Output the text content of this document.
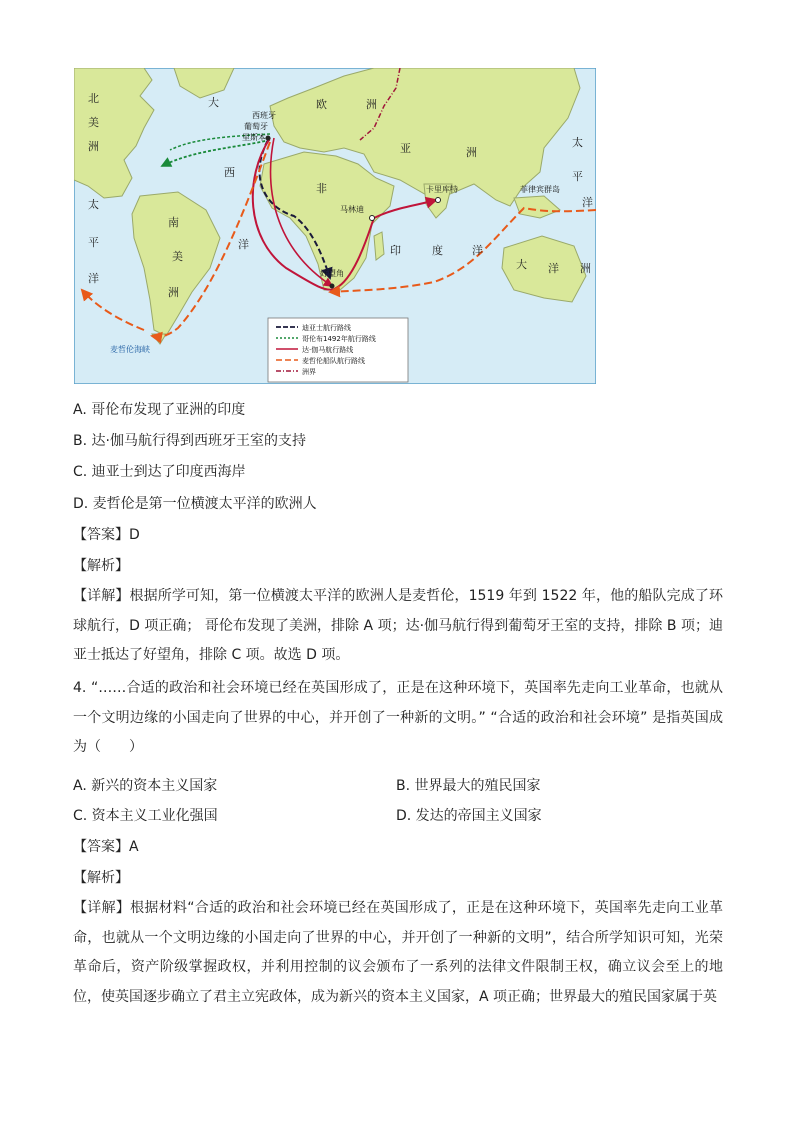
北
美
洲
南
美
洲
非
欧	洲
亚	洲
大 洋 洲
大
西
洋
太
平
洋
太
平
洋
印	度	洋
西班牙
葡萄牙
里斯本
卡里库特
马林迪
好望角
菲律宾群岛
麦哲伦海峡
迪亚士航行路线
哥伦布1492年航行路线
达·伽马航行路线
麦哲伦船队航行路线
洲界
A. 哥伦布发现了亚洲的印度
B. 达·伽马航行得到西班牙王室的支持
C. 迪亚士到达了印度西海岸
D. 麦哲伦是第一位横渡太平洋的欧洲人
【答案】D
【解析】
【详解】根据所学可知，第一位横渡太平洋的欧洲人是麦哲伦，1519 年到 1522 年，他的船队完成了环球航行，D 项正确； 哥伦布发现了美洲，排除 A 项；达·伽马航行得到葡萄牙王室的支持，排除 B 项；迪亚士抵达了好望角，排除 C 项。故选 D 项。
4. “……合适的政治和社会环境已经在英国形成了，正是在这种环境下，英国率先走向工业革命，也就从一个文明边缘的小国走向了世界的中心，并开创了一种新的文明。” “合适的政治和社会环境” 是指英国成为（　　）
A. 新兴的资本主义国家	B. 世界最大的殖民国家
C. 资本主义工业化强国	D. 发达的帝国主义国家
【答案】A
【解析】
【详解】根据材料“合适的政治和社会环境已经在英国形成了，正是在这种环境下，英国率先走向工业革命，也就从一个文明边缘的小国走向了世界的中心，并开创了一种新的文明”，结合所学知识可知，光荣革命后，资产阶级掌握政权，并利用控制的议会颁布了一系列的法律文件限制王权，确立议会至上的地位，使英国逐步确立了君主立宪政体，成为新兴的资本主义国家，A 项正确；世界最大的殖民国家属于英
